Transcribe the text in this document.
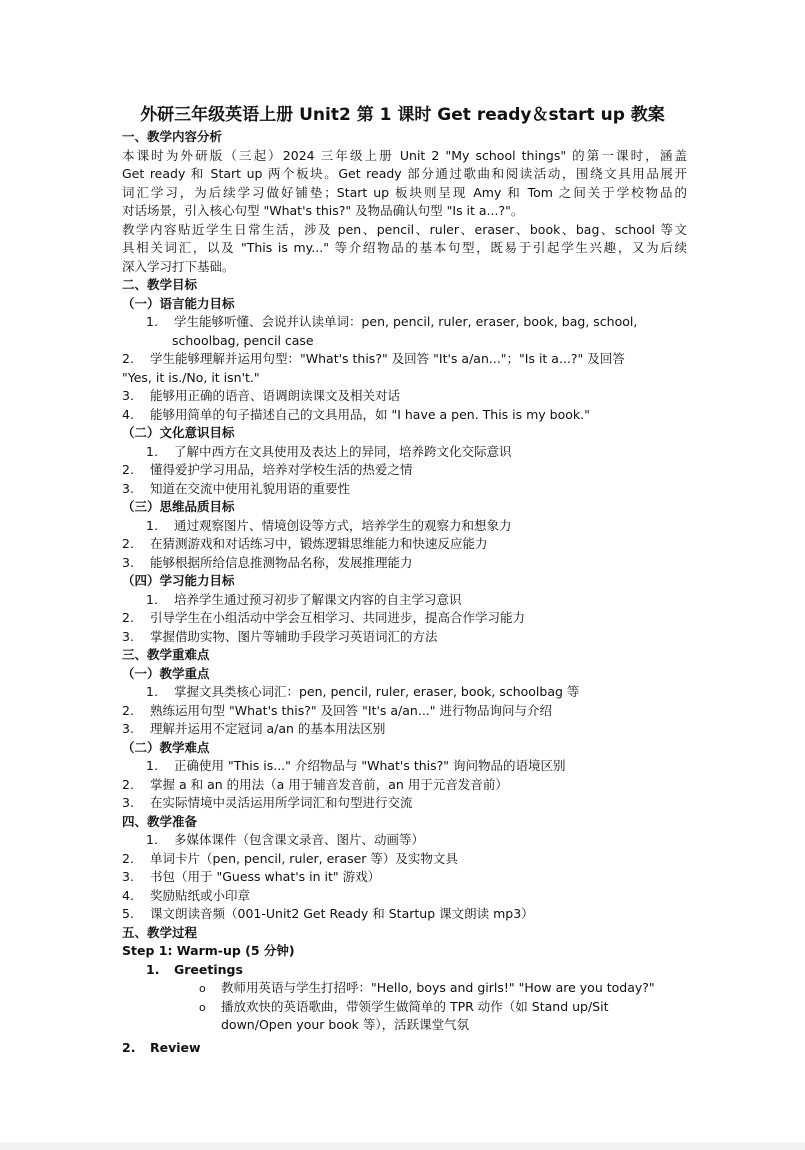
外研三年级英语上册 Unit2 第 1 课时 Get ready＆start up 教案
一、教学内容分析
本课时为外研版（三起）2024 三年级上册 Unit 2 "My school things" 的第一课时，涵盖
Get ready 和 Start up 两个板块。Get ready 部分通过歌曲和阅读活动，围绕文具用品展开
词汇学习，为后续学习做好铺垫；Start up 板块则呈现 Amy 和 Tom 之间关于学校物品的
对话场景，引入核心句型 "What's this?" 及物品确认句型 "Is it a...?"。
教学内容贴近学生日常生活，涉及 pen、pencil、ruler、eraser、book、bag、school 等文
具相关词汇，以及 "This is my..." 等介绍物品的基本句型，既易于引起学生兴趣，又为后续
深入学习打下基础。
二、教学目标
（一）语言能力目标
1. 学生能够听懂、会说并认读单词：pen, pencil, ruler, eraser, book, bag, school,
schoolbag, pencil case
2. 学生能够理解并运用句型："What's this?" 及回答 "It's a/an..."；"Is it a...?" 及回答
"Yes, it is./No, it isn't."
3. 能够用正确的语音、语调朗读课文及相关对话
4. 能够用简单的句子描述自己的文具用品，如 "I have a pen. This is my book."
（二）文化意识目标
1. 了解中西方在文具使用及表达上的异同，培养跨文化交际意识
2. 懂得爱护学习用品，培养对学校生活的热爱之情
3. 知道在交流中使用礼貌用语的重要性
（三）思维品质目标
1. 通过观察图片、情境创设等方式，培养学生的观察力和想象力
2. 在猜测游戏和对话练习中，锻炼逻辑思维能力和快速反应能力
3. 能够根据所给信息推测物品名称，发展推理能力
（四）学习能力目标
1. 培养学生通过预习初步了解课文内容的自主学习意识
2. 引导学生在小组活动中学会互相学习、共同进步，提高合作学习能力
3. 掌握借助实物、图片等辅助手段学习英语词汇的方法
三、教学重难点
（一）教学重点
1. 掌握文具类核心词汇：pen, pencil, ruler, eraser, book, schoolbag 等
2. 熟练运用句型 "What's this?" 及回答 "It's a/an..." 进行物品询问与介绍
3. 理解并运用不定冠词 a/an 的基本用法区别
（二）教学难点
1. 正确使用 "This is..." 介绍物品与 "What's this?" 询问物品的语境区别
2. 掌握 a 和 an 的用法（a 用于辅音发音前，an 用于元音发音前）
3. 在实际情境中灵活运用所学词汇和句型进行交流
四、教学准备
1. 多媒体课件（包含课文录音、图片、动画等）
2. 单词卡片（pen, pencil, ruler, eraser 等）及实物文具
3. 书包（用于 "Guess what's in it" 游戏）
4. 奖励贴纸或小印章
5. 课文朗读音频（001-Unit2 Get Ready 和 Startup 课文朗读 mp3）
五、教学过程
Step 1: Warm-up (5 分钟)
1. Greetings
o 教师用英语与学生打招呼："Hello, boys and girls!" "How are you today?"
o 播放欢快的英语歌曲，带领学生做简单的 TPR 动作（如 Stand up/Sit
down/Open your book 等），活跃课堂气氛
2. Review
